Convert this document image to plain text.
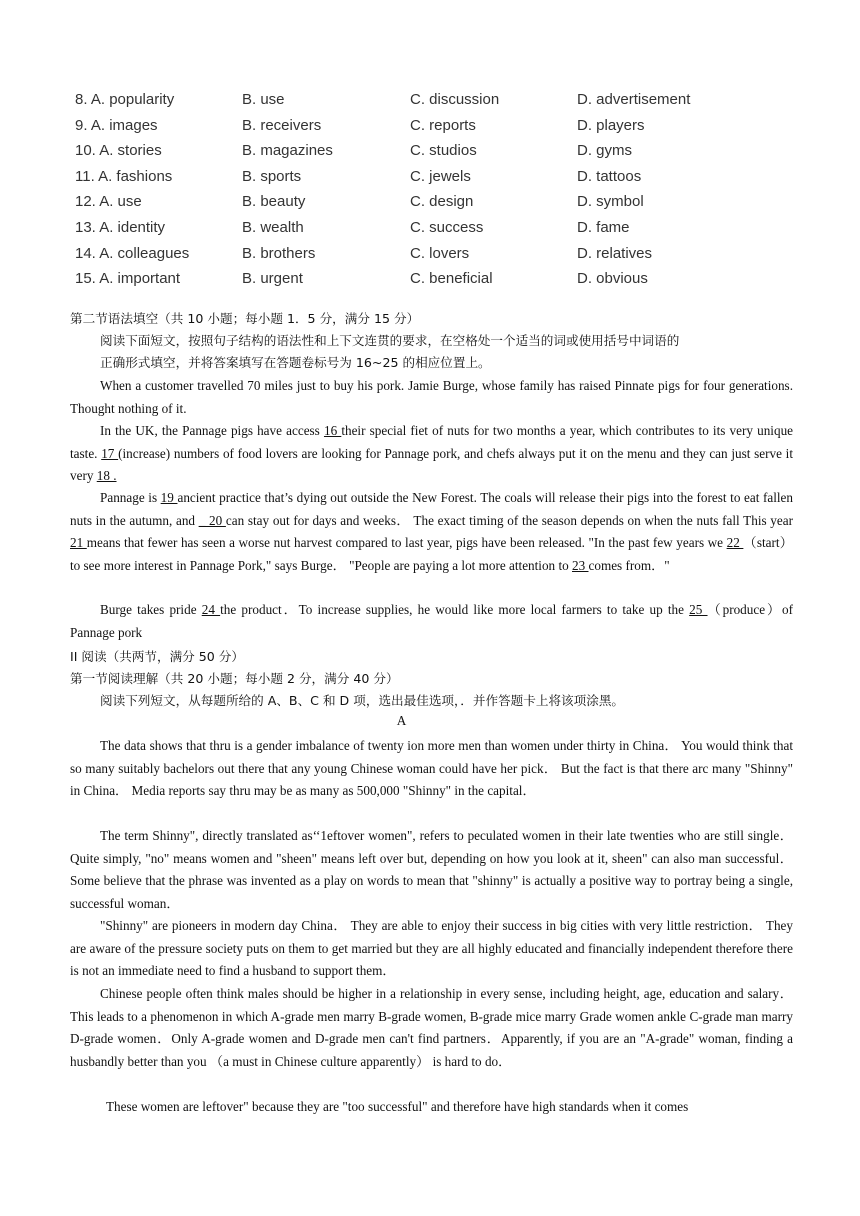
8. A. popularity	B. use	C. discussion	D. advertisement
9. A. images	B. receivers	C. reports	D. players
10. A. stories	B. magazines	C. studios	D. gyms
11. A. fashions	B. sports	C. jewels	D. tattoos
12. A. use	B. beauty	C. design	D. symbol
13. A. identity	B. wealth	C. success	D. fame
14. A. colleagues	B. brothers	C. lovers	D. relatives
15. A. important	B. urgent	C. beneficial	D. obvious
第二节语法填空（共 10 小题；每小题 1．5 分，满分 15 分）
阅读下面短文，按照句子结构的语法性和上下文连贯的要求，在空格处一个适当的词或使用括号中词语的
正确形式填空，并将答案填写在答题卷标号为 16~25 的相应位置上。

When a customer travelled 70 miles just to buy his pork. Jamie Burge, whose family has raised Pinnate pigs for four generations. Thought nothing of it.

In the UK, the Pannage pigs have access 16 their special fiet of nuts for two months a year, which contributes to its very unique taste. 17 (increase) numbers of food lovers are looking for Pannage pork, and chefs always put it on the menu and they can just serve it very 18 .

Pannage is 19 ancient practice that’s dying out outside the New Forest. The coals will release their pigs into the forest to eat fallen nuts in the autumn, and _ 20 can stay out for days and weeks． The exact timing of the season depends on when the nuts fall This year 21 means that fewer has seen a worse nut harvest compared to last year, pigs have been released. "In the past few years we 22 （start）to see more interest in Pannage Pork," says Burge． "People are paying a lot more attention to 23 comes from．"

Burge takes pride 24 the product．To increase supplies, he would like more local farmers to take up the 25 （produce）of Pannage pork

II 阅读（共两节，满分 50 分）
第一节阅读理解（共 20 小题；每小题 2 分，满分 40 分）
阅读下列短文，从每题所给的 A、B、C 和 D 项，选出最佳选项，．并作答题卡上将该项涂黑。
A

The data shows that thru is a gender imbalance of twenty ion more men than women under thirty in China． You would think that so many suitably bachelors out there that any young Chinese woman could have her pick． But the fact is that there arc many "Shinny" in China． Media reports say thru may be as many as 500,000 "Shinny" in the capital．

The term Shinny", directly translated as‘‘1eftover women", refers to peculated women in their late twenties who are still single． Quite simply, "no" means women and "sheen" means left over but, depending on how you look at it, sheen" can also man successful．Some believe that the phrase was invented as a play on words to mean that "shinny" is actually a positive way to portray being a single, successful woman．

"Shinny" are pioneers in modern day China． They are able to enjoy their success in big cities with very little restriction． They are aware of the pressure society puts on them to get married but they are all highly educated and financially independent therefore there is not an immediate need to find a husband to support them．

Chinese people often think males should be higher in a relationship in every sense, including height, age, education and salary．This leads to a phenomenon in which A-grade men marry B-grade women, B-grade mice marry Grade women ankle C-grade man marry D-grade women．Only A-grade women and D-grade men can't find partners．Apparently, if you are an "A-grade" woman, finding a husbandly better than you （a must in Chinese culture apparently） is hard to do．

These women are leftover" because they are "too successful" and therefore have high standards when it comes
